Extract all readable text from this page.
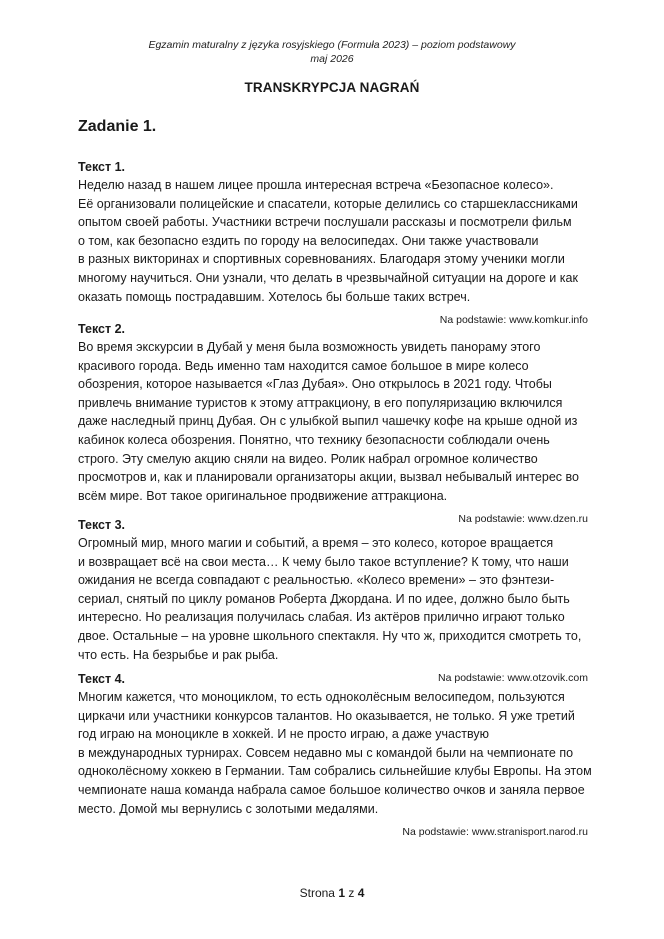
Egzamin maturalny z języka rosyjskiego (Formuła 2023) – poziom podstawowy
maj 2026
TRANSKRYPCJA NAGRAŃ
Zadanie 1.
Текст 1.
Неделю назад в нашем лицее прошла интересная встреча «Безопасное колесо».
Её организовали полицейские и спасатели, которые делились со старшеклассниками
опытом своей работы. Участники встречи послушали рассказы и посмотрели фильм
о том, как безопасно ездить по городу на велосипедах. Они также участвовали
в разных викторинах и спортивных соревнованиях. Благодаря этому ученики могли
многому научиться. Они узнали, что делать в чрезвычайной ситуации на дороге и как
оказать помощь пострадавшим. Хотелось бы больше таких встреч.
Na podstawie: www.komkur.info
Текст 2.
Во время экскурсии в Дубай у меня была возможность увидеть панораму этого
красивого города. Ведь именно там находится самое большое в мире колесо
обозрения, которое называется «Глаз Дубая». Оно открылось в 2021 году. Чтобы
привлечь внимание туристов к этому аттракциону, в его популяризацию включился
даже наследный принц Дубая. Он с улыбкой выпил чашечку кофе на крыше одной из
кабинок колеса обозрения. Понятно, что технику безопасности соблюдали очень
строго. Эту смелую акцию сняли на видео. Ролик набрал огромное количество
просмотров и, как и планировали организаторы акции, вызвал небывалый интерес во
всём мире. Вот такое оригинальное продвижение аттракциона.
Na podstawie: www.dzen.ru
Текст 3.
Огромный мир, много магии и событий, а время – это колесо, которое вращается
и возвращает всё на свои места… К чему было такое вступление? К тому, что наши
ожидания не всегда совпадают с реальностью. «Колесо времени» – это фэнтези-
сериал, снятый по циклу романов Роберта Джордана. И по идее, должно было быть
интересно. Но реализация получилась слабая. Из актёров прилично играют только
двое. Остальные – на уровне школьного спектакля. Ну что ж, приходится смотреть то,
что есть. На безрыбье и рак рыба.
Na podstawie: www.otzovik.com
Текст 4.
Многим кажется, что моноциклом, то есть одноколёсным велосипедом, пользуются
циркачи или участники конкурсов талантов. Но оказывается, не только. Я уже третий
год играю на моноцикле в хоккей. И не просто играю, а даже участвую
в международных турнирах. Совсем недавно мы с командой были на чемпионате по
одноколёсному хоккею в Германии. Там собрались сильнейшие клубы Европы. На этом
чемпионате наша команда набрала самое большое количество очков и заняла первое
место. Домой мы вернулись с золотыми медалями.
Na podstawie: www.stranisport.narod.ru
Strona 1 z 4
